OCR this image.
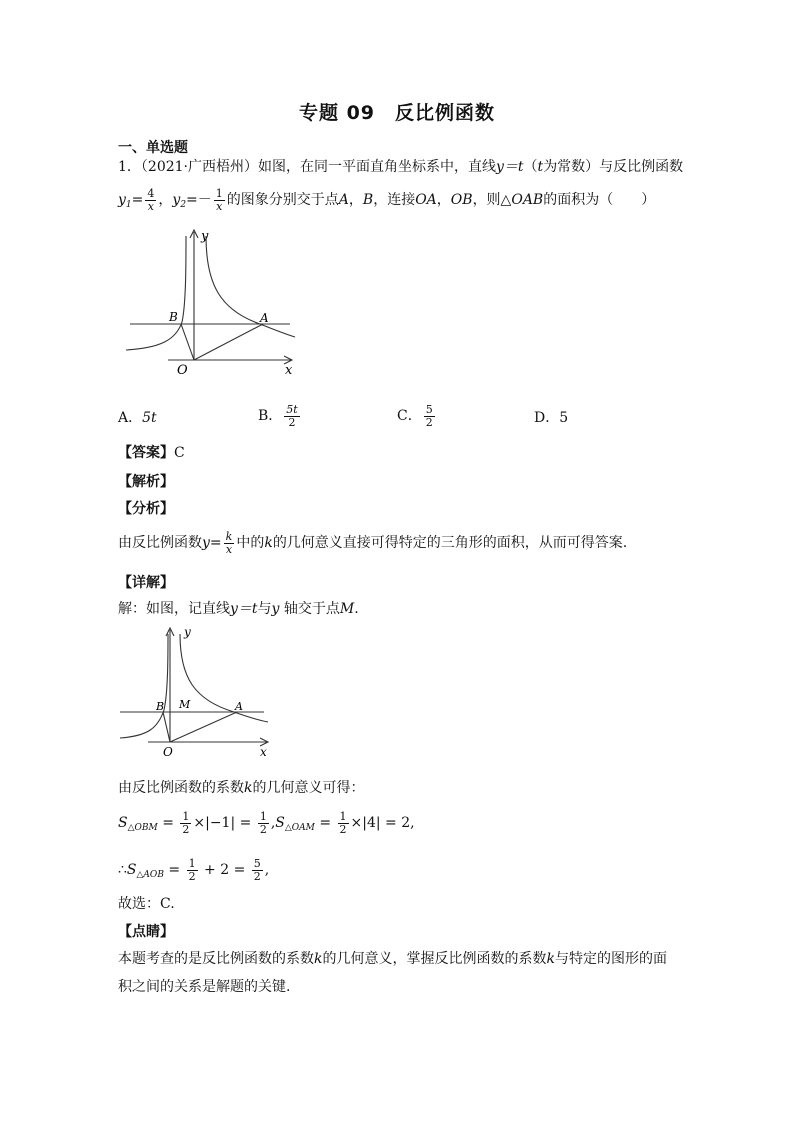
专题 09　反比例函数
一、单选题
1．（2021·广西梧州）如图，在同一平面直角坐标系中，直线y＝t（t为常数）与反比例函数
$y_1= \frac{4}{x}$ ，$y_2=- \frac{1}{x}$ 的图象分别交于点A，B，连接OA，OB，则△OAB的面积为（　　）
y
x
O
A
B
A．5t	B． $\frac{5t}{2}$	C． $\frac{5}{2}$	D．5
【答案】C
【解析】
【分析】
由反比例函数$y= \frac{k}{x}$ 中的k的几何意义直接可得特定的三角形的面积，从而可得答案.
【详解】
解：如图，记直线y＝t与y 轴交于点M.
y
x
O
A
B M
由反比例函数的系数k的几何意义可得：
$S_{\triangle OBM} = \frac{1}{2} \times|-1| = \frac{1}{2} ,S_{\triangle OAM} = \frac{1}{2} \times|4| = 2$,
$\therefore S_{\triangle AOB} = \frac{1}{2} + 2 = \frac{5}{2}$ ,
故选：C.
【点睛】
本题考查的是反比例函数的系数k的几何意义，掌握反比例函数的系数k与特定的图形的面
积之间的关系是解题的关键.
